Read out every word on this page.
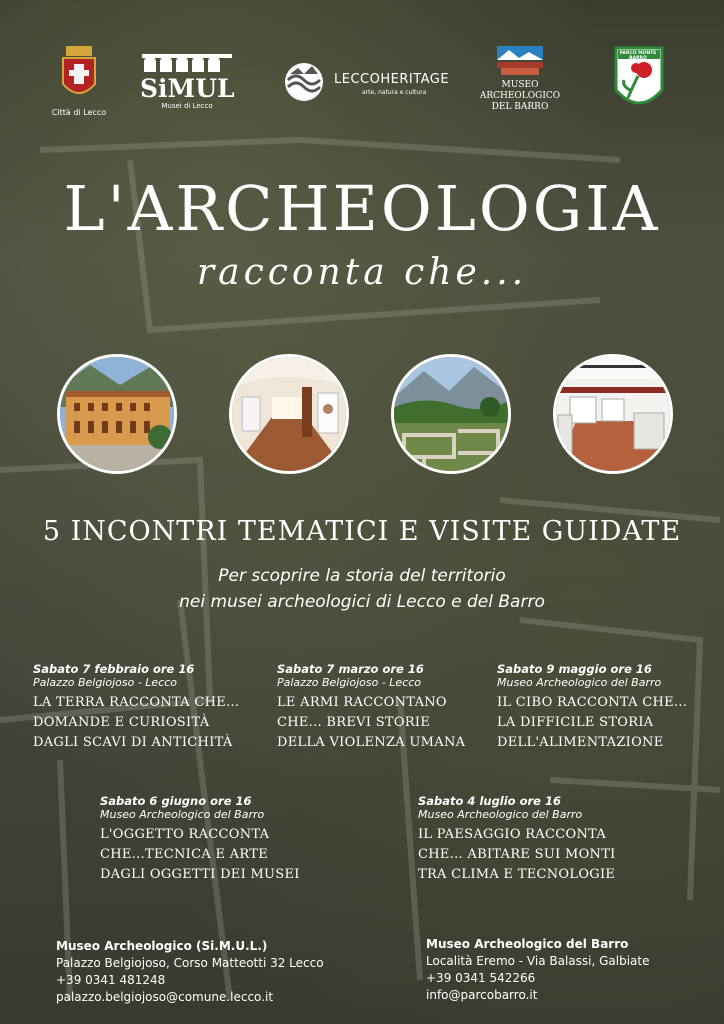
Città di Lecco
SiMUL
Musei di Lecco
LECCOHERITAGE
arte, natura e cultura
MUSEO ARCHEOLOGICO
DEL BARRO
PARCO MONTE BARRO
L'ARCHEOLOGIA
racconta che...
5 INCONTRI TEMATICI E VISITE GUIDATE
Per scoprire la storia del territorio
nei musei archeologici di Lecco e del Barro
Sabato 7 febbraio ore 16
Palazzo Belgiojoso - Lecco
LA TERRA RACCONTA CHE...
DOMANDE E CURIOSITÀ
DAGLI SCAVI DI ANTICHITÀ
Sabato 7 marzo ore 16
Palazzo Belgiojoso - Lecco
LE ARMI RACCONTANO
CHE... BREVI STORIE
DELLA VIOLENZA UMANA
Sabato 9 maggio ore 16
Museo Archeologico del Barro
IL CIBO RACCONTA CHE...
LA DIFFICILE STORIA
DELL'ALIMENTAZIONE
Sabato 6 giugno ore 16
Museo Archeologico del Barro
L'OGGETTO RACCONTA
CHE...TECNICA E ARTE
DAGLI OGGETTI DEI MUSEI
Sabato 4 luglio ore 16
Museo Archeologico del Barro
IL PAESAGGIO RACCONTA
CHE... ABITARE SUI MONTI
TRA CLIMA E TECNOLOGIE
Museo Archeologico (Si.M.U.L.)
Palazzo Belgiojoso, Corso Matteotti 32 Lecco
+39 0341 481248
palazzo.belgiojoso@comune.lecco.it
Museo Archeologico del Barro
Località Eremo - Via Balassi, Galbiate
+39 0341 542266
info@parcobarro.it
